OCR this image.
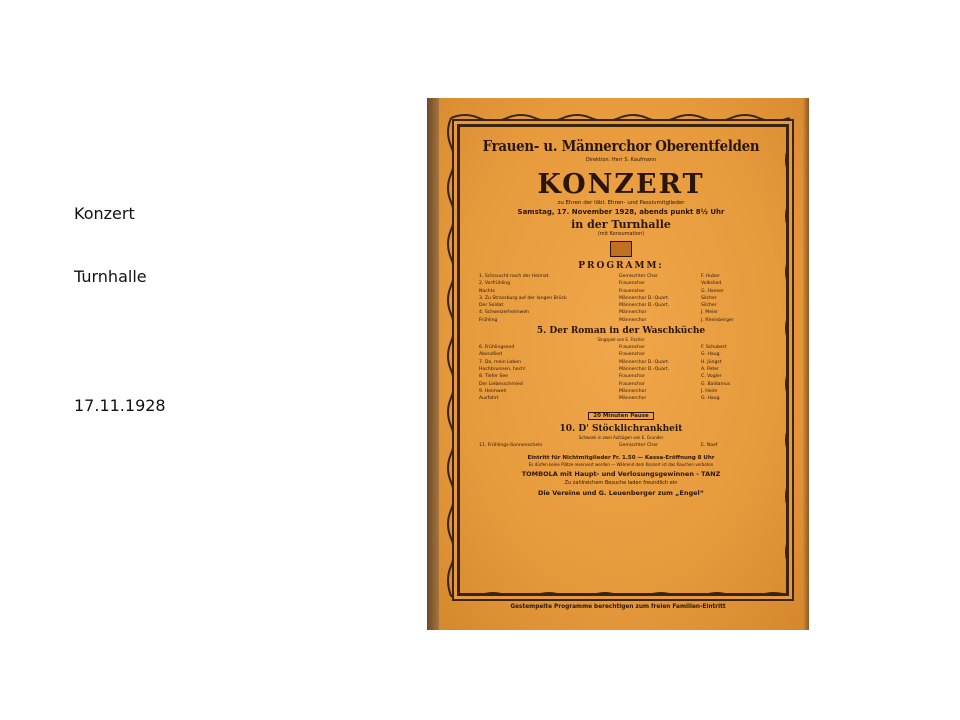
Konzert

Turnhalle

17.11.1928

Frauen- u. Männerchor Oberentfelden
Direktion: Herr S. Kaufmann
KONZERT
zu Ehren der löbl. Ehren- und Passivmitglieder
Samstag, 17. November 1928, abends punkt 8½ Uhr
in der Turnhalle
(mit Konsumation)
PROGRAMM:
1. Schnsucht nach der Heimat	Gemischter Chor	F. Huber
2. Vorfrühling	Frauenchor	Volkslied
Nachts	Frauenchor	G. Haeser
3. Zu Strassburg auf der langen Brück	Männerchor D.-Quart.	Silcher
Der Soldat	Männerchor D.-Quart.	Silcher
4. Schweizerheimweh	Männerchor	J. Meier
Frühling	Männerchor	J. Rheinberger
5. Der Roman in der Waschküche
Singspiel von E. Fischer
6. Frühlingsend	Frauenchor	F. Schubert
Abendlied	Frauenchor	G. Haug
7. Da, mein Leben	Männerchor D.-Quart.	H. Jüngst
Hochbrunnen, hoch!	Männerchor D.-Quart.	A. Peter
8. Tiefer See	Frauenchor	C. Vogler
Der Liebesschmied	Frauenchor	G. Baldamus
9. Heimweh	Männerchor	J. Heim
Ausfahrt	Männerchor	G. Haug
20 Minuten Pause
10. D' Stöcklichrankheit
Schwank in zwei Aufzügen von E. Grunder
11. Frühlings-Sonnenschein	Gemischter Chor	E. Naef
Eintritt für Nichtmitglieder Fr. 1.50 — Kassa-Eröffnung 8 Uhr
Es dürfen keine Plätze reserviert werden — Während dem Konzert ist das Rauchen verboten
TOMBOLA mit Haupt- und Verlosungsgewinnen - TANZ
Zu zahlreichem Besuche laden freundlich ein
Die Vereine und G. Leuenberger zum „Engel“
Gestempelte Programme berechtigen zum freien Familien-Eintritt
